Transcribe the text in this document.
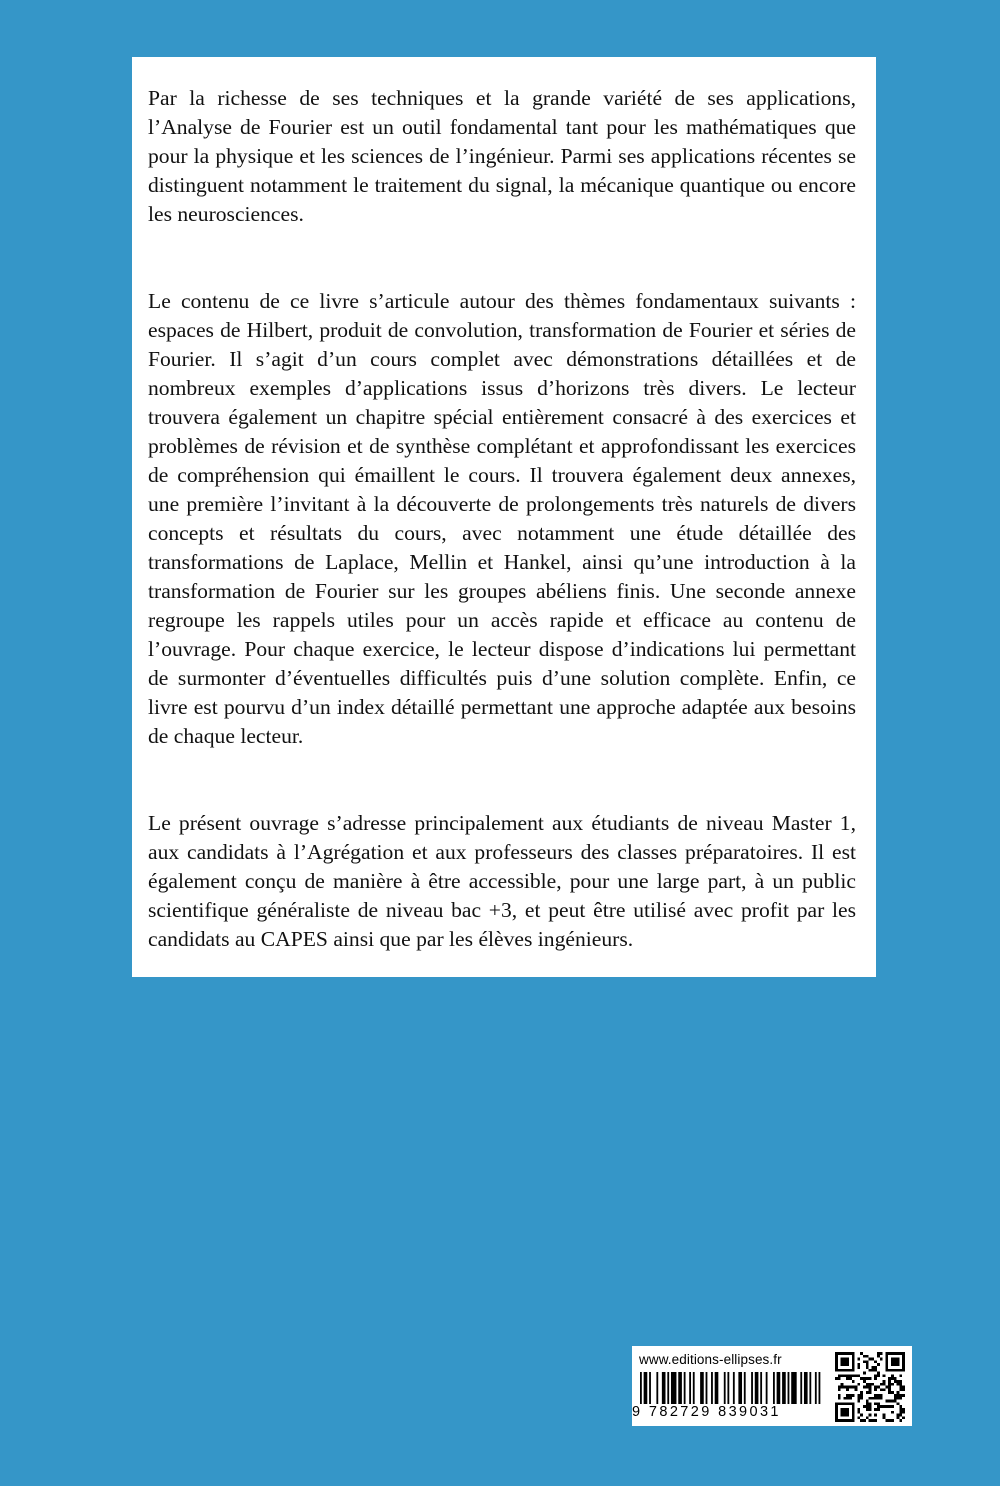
Par la richesse de ses techniques et la grande variété de ses applications, l’Analyse de Fourier est un outil fondamental tant pour les mathématiques que pour la physique et les sciences de l’ingénieur. Parmi ses applications récentes se distinguent notamment le traitement du signal, la mécanique quantique ou encore les neurosciences.

Le contenu de ce livre s’articule autour des thèmes fondamentaux suivants : espaces de Hilbert, produit de convolution, transformation de Fourier et séries de Fourier. Il s’agit d’un cours complet avec démonstrations détaillées et de nombreux exemples d’applications issus d’horizons très divers. Le lecteur trouvera également un chapitre spécial entièrement consacré à des exercices et problèmes de révision et de synthèse complétant et approfondissant les exercices de compréhension qui émaillent le cours. Il trouvera également deux annexes, une première l’invitant à la découverte de prolongements très naturels de divers concepts et résultats du cours, avec notamment une étude détaillée des transformations de Laplace, Mellin et Hankel, ainsi qu’une introduction à la transformation de Fourier sur les groupes abéliens finis. Une seconde annexe regroupe les rappels utiles pour un accès rapide et efficace au contenu de l’ouvrage. Pour chaque exercice, le lecteur dispose d’indications lui permettant de surmonter d’éventuelles difficultés puis d’une solution complète. Enfin, ce livre est pourvu d’un index détaillé permettant une approche adaptée aux besoins de chaque lecteur.

Le présent ouvrage s’adresse principalement aux étudiants de niveau Master 1, aux candidats à l’Agrégation et aux professeurs des classes préparatoires. Il est également conçu de manière à être accessible, pour une large part, à un public scientifique généraliste de niveau bac +3, et peut être utilisé avec profit par les candidats au CAPES ainsi que par les élèves ingénieurs.

www.editions-ellipses.fr
9 782729 839031
